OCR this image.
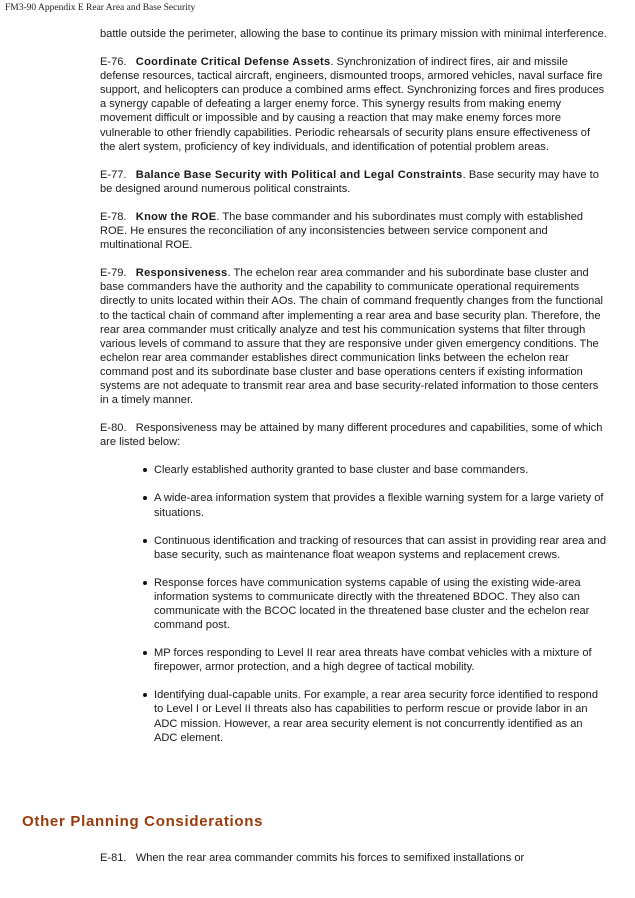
FM3-90 Appendix E Rear Area and Base Security

battle outside the perimeter, allowing the base to continue its primary mission with minimal interference.

E-76. Coordinate Critical Defense Assets. Synchronization of indirect fires, air and missile defense resources, tactical aircraft, engineers, dismounted troops, armored vehicles, naval surface fire support, and helicopters can produce a combined arms effect. Synchronizing forces and fires produces a synergy capable of defeating a larger enemy force. This synergy results from making enemy movement difficult or impossible and by causing a reaction that may make enemy forces more vulnerable to other friendly capabilities. Periodic rehearsals of security plans ensure effectiveness of the alert system, proficiency of key individuals, and identification of potential problem areas.

E-77. Balance Base Security with Political and Legal Constraints. Base security may have to be designed around numerous political constraints.

E-78. Know the ROE. The base commander and his subordinates must comply with established ROE. He ensures the reconciliation of any inconsistencies between service component and multinational ROE.

E-79. Responsiveness. The echelon rear area commander and his subordinate base cluster and base commanders have the authority and the capability to communicate operational requirements directly to units located within their AOs. The chain of command frequently changes from the functional to the tactical chain of command after implementing a rear area and base security plan. Therefore, the rear area commander must critically analyze and test his communication systems that filter through various levels of command to assure that they are responsive under given emergency conditions. The echelon rear area commander establishes direct communication links between the echelon rear command post and its subordinate base cluster and base operations centers if existing information systems are not adequate to transmit rear area and base security-related information to those centers in a timely manner.

E-80. Responsiveness may be attained by many different procedures and capabilities, some of which are listed below:

Clearly established authority granted to base cluster and base commanders.
A wide-area information system that provides a flexible warning system for a large variety of situations.
Continuous identification and tracking of resources that can assist in providing rear area and base security, such as maintenance float weapon systems and replacement crews.
Response forces have communication systems capable of using the existing wide-area information systems to communicate directly with the threatened BDOC. They also can communicate with the BCOC located in the threatened base cluster and the echelon rear command post.
MP forces responding to Level II rear area threats have combat vehicles with a mixture of firepower, armor protection, and a high degree of tactical mobility.
Identifying dual-capable units. For example, a rear area security force identified to respond to Level I or Level II threats also has capabilities to perform rescue or provide labor in an ADC mission. However, a rear area security element is not concurrently identified as an ADC element.
Other Planning Considerations

E-81. When the rear area commander commits his forces to semifixed installations or
